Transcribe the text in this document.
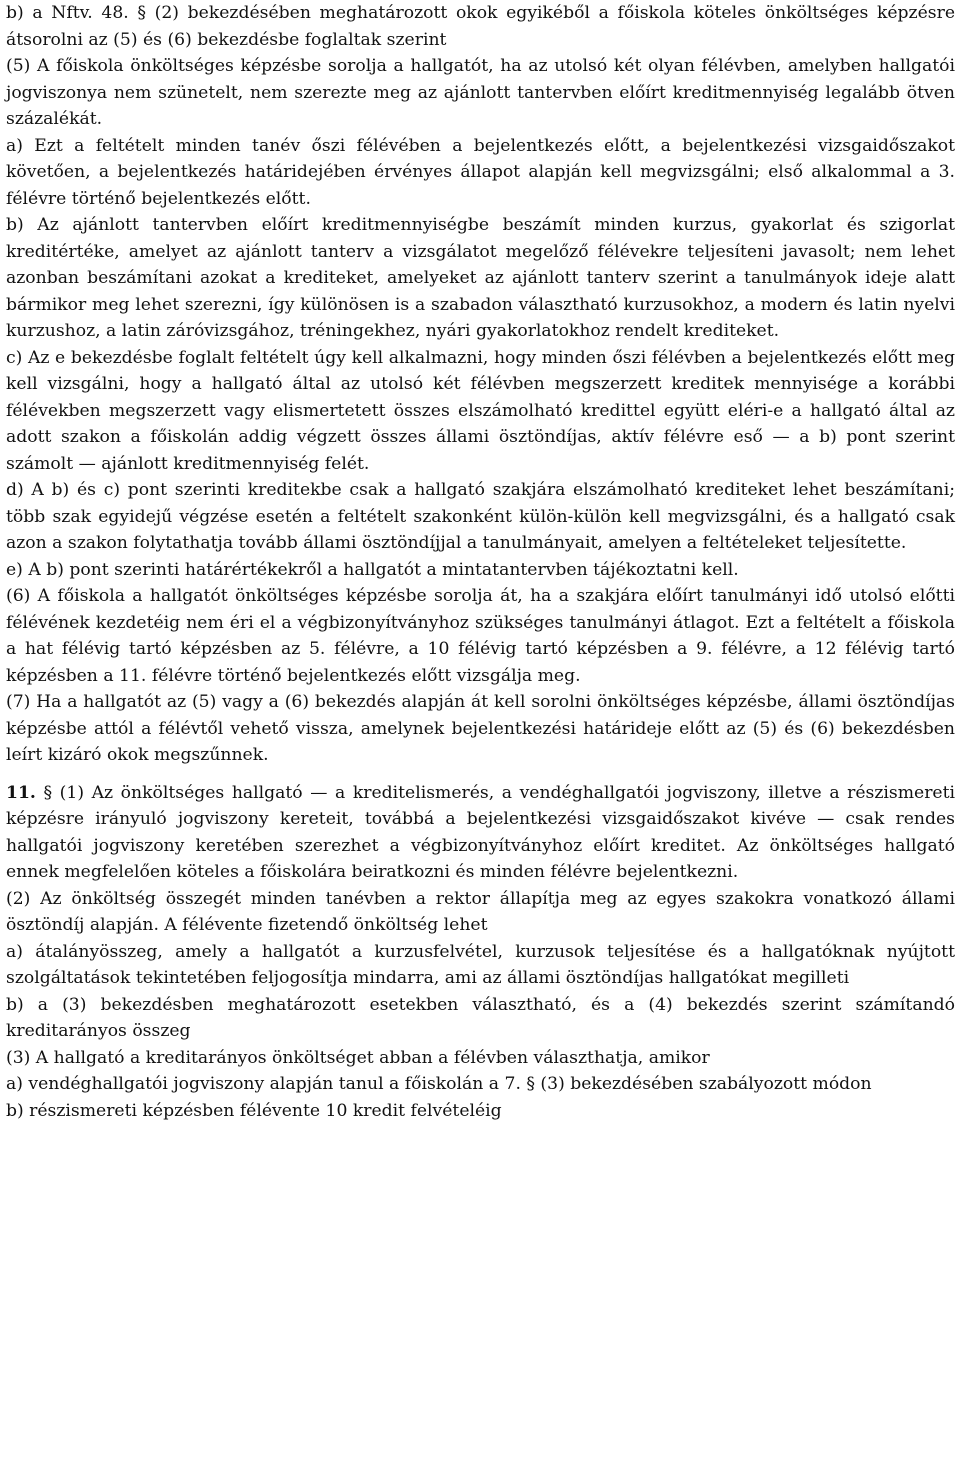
b) a Nftv. 48. § (2) bekezdésében meghatározott okok egyikéből a főiskola köteles önköltséges képzésre átsorolni az (5) és (6) bekezdésbe foglaltak szerint

(5) A főiskola önköltséges képzésbe sorolja a hallgatót, ha az utolsó két olyan félévben, amelyben hallgatói jogviszonya nem szünetelt, nem szerezte meg az ajánlott tantervben előírt kreditmennyiség legalább ötven százalékát.

a) Ezt a feltételt minden tanév őszi félévében a bejelentkezés előtt, a bejelentkezési vizsgaidőszakot követően, a bejelentkezés határidejében érvényes állapot alapján kell megvizsgálni; első alkalommal a 3. félévre történő bejelentkezés előtt.

b) Az ajánlott tantervben előírt kreditmennyiségbe beszámít minden kurzus, gyakorlat és szigorlat kreditértéke, amelyet az ajánlott tanterv a vizsgálatot megelőző félévekre teljesíteni javasolt; nem lehet azonban beszámítani azokat a krediteket, amelyeket az ajánlott tanterv szerint a tanulmányok ideje alatt bármikor meg lehet szerezni, így különösen is a szabadon választható kurzusokhoz, a modern és latin nyelvi kurzushoz, a latin záróvizsgához, tréningekhez, nyári gyakorlatokhoz rendelt krediteket.

c) Az e bekezdésbe foglalt feltételt úgy kell alkalmazni, hogy minden őszi félévben a bejelentkezés előtt meg kell vizsgálni, hogy a hallgató által az utolsó két félévben megszerzett kreditek mennyisége a korábbi félévekben megszerzett vagy elismertetett összes elszámolható kredittel együtt eléri-e a hallgató által az adott szakon a főiskolán addig végzett összes állami ösztöndíjas, aktív félévre eső — a b) pont szerint számolt — ajánlott kreditmennyiség felét.

d) A b) és c) pont szerinti kreditekbe csak a hallgató szakjára elszámolható krediteket lehet beszámítani; több szak egyidejű végzése esetén a feltételt szakonként külön-külön kell megvizsgálni, és a hallgató csak azon a szakon folytathatja tovább állami ösztöndíjjal a tanulmányait, amelyen a feltételeket teljesítette.

e) A b) pont szerinti határértékekről a hallgatót a mintatantervben tájékoztatni kell.

(6) A főiskola a hallgatót önköltséges képzésbe sorolja át, ha a szakjára előírt tanulmányi idő utolsó előtti félévének kezdetéig nem éri el a végbizonyítványhoz szükséges tanulmányi átlagot. Ezt a feltételt a főiskola a hat félévig tartó képzésben az 5. félévre, a 10 félévig tartó képzésben a 9. félévre, a 12 félévig tartó képzésben a 11. félévre történő bejelentkezés előtt vizsgálja meg.

(7) Ha a hallgatót az (5) vagy a (6) bekezdés alapján át kell sorolni önköltséges képzésbe, állami ösztöndíjas képzésbe attól a félévtől vehető vissza, amelynek bejelentkezési határideje előtt az (5) és (6) bekezdésben leírt kizáró okok megszűnnek.

11. § (1) Az önköltséges hallgató — a kreditelismerés, a vendéghallgatói jogviszony, illetve a részismereti képzésre irányuló jogviszony kereteit, továbbá a bejelentkezési vizsgaidőszakot kivéve — csak rendes hallgatói jogviszony keretében szerezhet a végbizonyítványhoz előírt kreditet. Az önköltséges hallgató ennek megfelelően köteles a főiskolára beiratkozni és minden félévre bejelentkezni.

(2) Az önköltség összegét minden tanévben a rektor állapítja meg az egyes szakokra vonatkozó állami ösztöndíj alapján. A félévente fizetendő önköltség lehet

a) átalányösszeg, amely a hallgatót a kurzusfelvétel, kurzusok teljesítése és a hallgatóknak nyújtott szolgáltatások tekintetében feljogosítja mindarra, ami az állami ösztöndíjas hallgatókat megilleti

b) a (3) bekezdésben meghatározott esetekben választható, és a (4) bekezdés szerint számítandó kreditarányos összeg

(3) A hallgató a kreditarányos önköltséget abban a félévben választhatja, amikor

a) vendéghallgatói jogviszony alapján tanul a főiskolán a 7. § (3) bekezdésében szabályozott módon

b) részismereti képzésben félévente 10 kredit felvételéig
